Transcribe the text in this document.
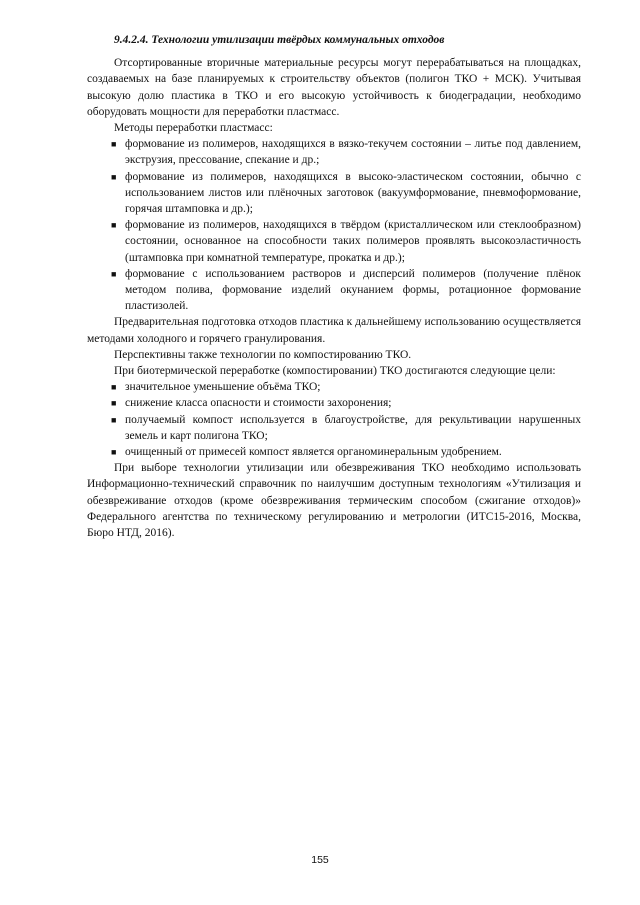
9.4.2.4. Технологии утилизации твёрдых коммунальных отходов

Отсортированные вторичные материальные ресурсы могут перерабатываться на площадках, создаваемых на базе планируемых к строительству объектов (полигон ТКО + МСК). Учитывая высокую долю пластика в ТКО и его высокую устойчивость к биодеградации, необходимо оборудовать мощности для переработки пластмасс.

Методы переработки пластмасс:

■ формование из полимеров, находящихся в вязко-текучем состоянии – литье под давлением, экструзия, прессование, спекание и др.;
■ формование из полимеров, находящихся в высоко-эластическом состоянии, обычно с использованием листов или плёночных заготовок (вакуумформование, пневмоформование, горячая штамповка и др.);
■ формование из полимеров, находящихся в твёрдом (кристаллическом или стеклообразном) состоянии, основанное на способности таких полимеров проявлять высокоэластичность (штамповка при комнатной температуре, прокатка и др.);
■ формование с использованием растворов и дисперсий полимеров (получение плёнок методом полива, формование изделий окунанием формы, ротационное формование пластизолей.

Предварительная подготовка отходов пластика к дальнейшему использованию осуществляется методами холодного и горячего гранулирования.

Перспективны также технологии по компостированию ТКО.

При биотермической переработке (компостировании) ТКО достигаются следующие цели:

■ значительное уменьшение объёма ТКО;
■ снижение класса опасности и стоимости захоронения;
■ получаемый компост используется в благоустройстве, для рекультивации нарушенных земель и карт полигона ТКО;
■ очищенный от примесей компост является органоминеральным удобрением.

При выборе технологии утилизации или обезвреживания ТКО необходимо использовать Информационно-технический справочник по наилучшим доступным технологиям «Утилизация и обезвреживание отходов (кроме обезвреживания термическим способом (сжигание отходов)» Федерального агентства по техническому регулированию и метрологии (ИТС15-2016, Москва, Бюро НТД, 2016).

155
